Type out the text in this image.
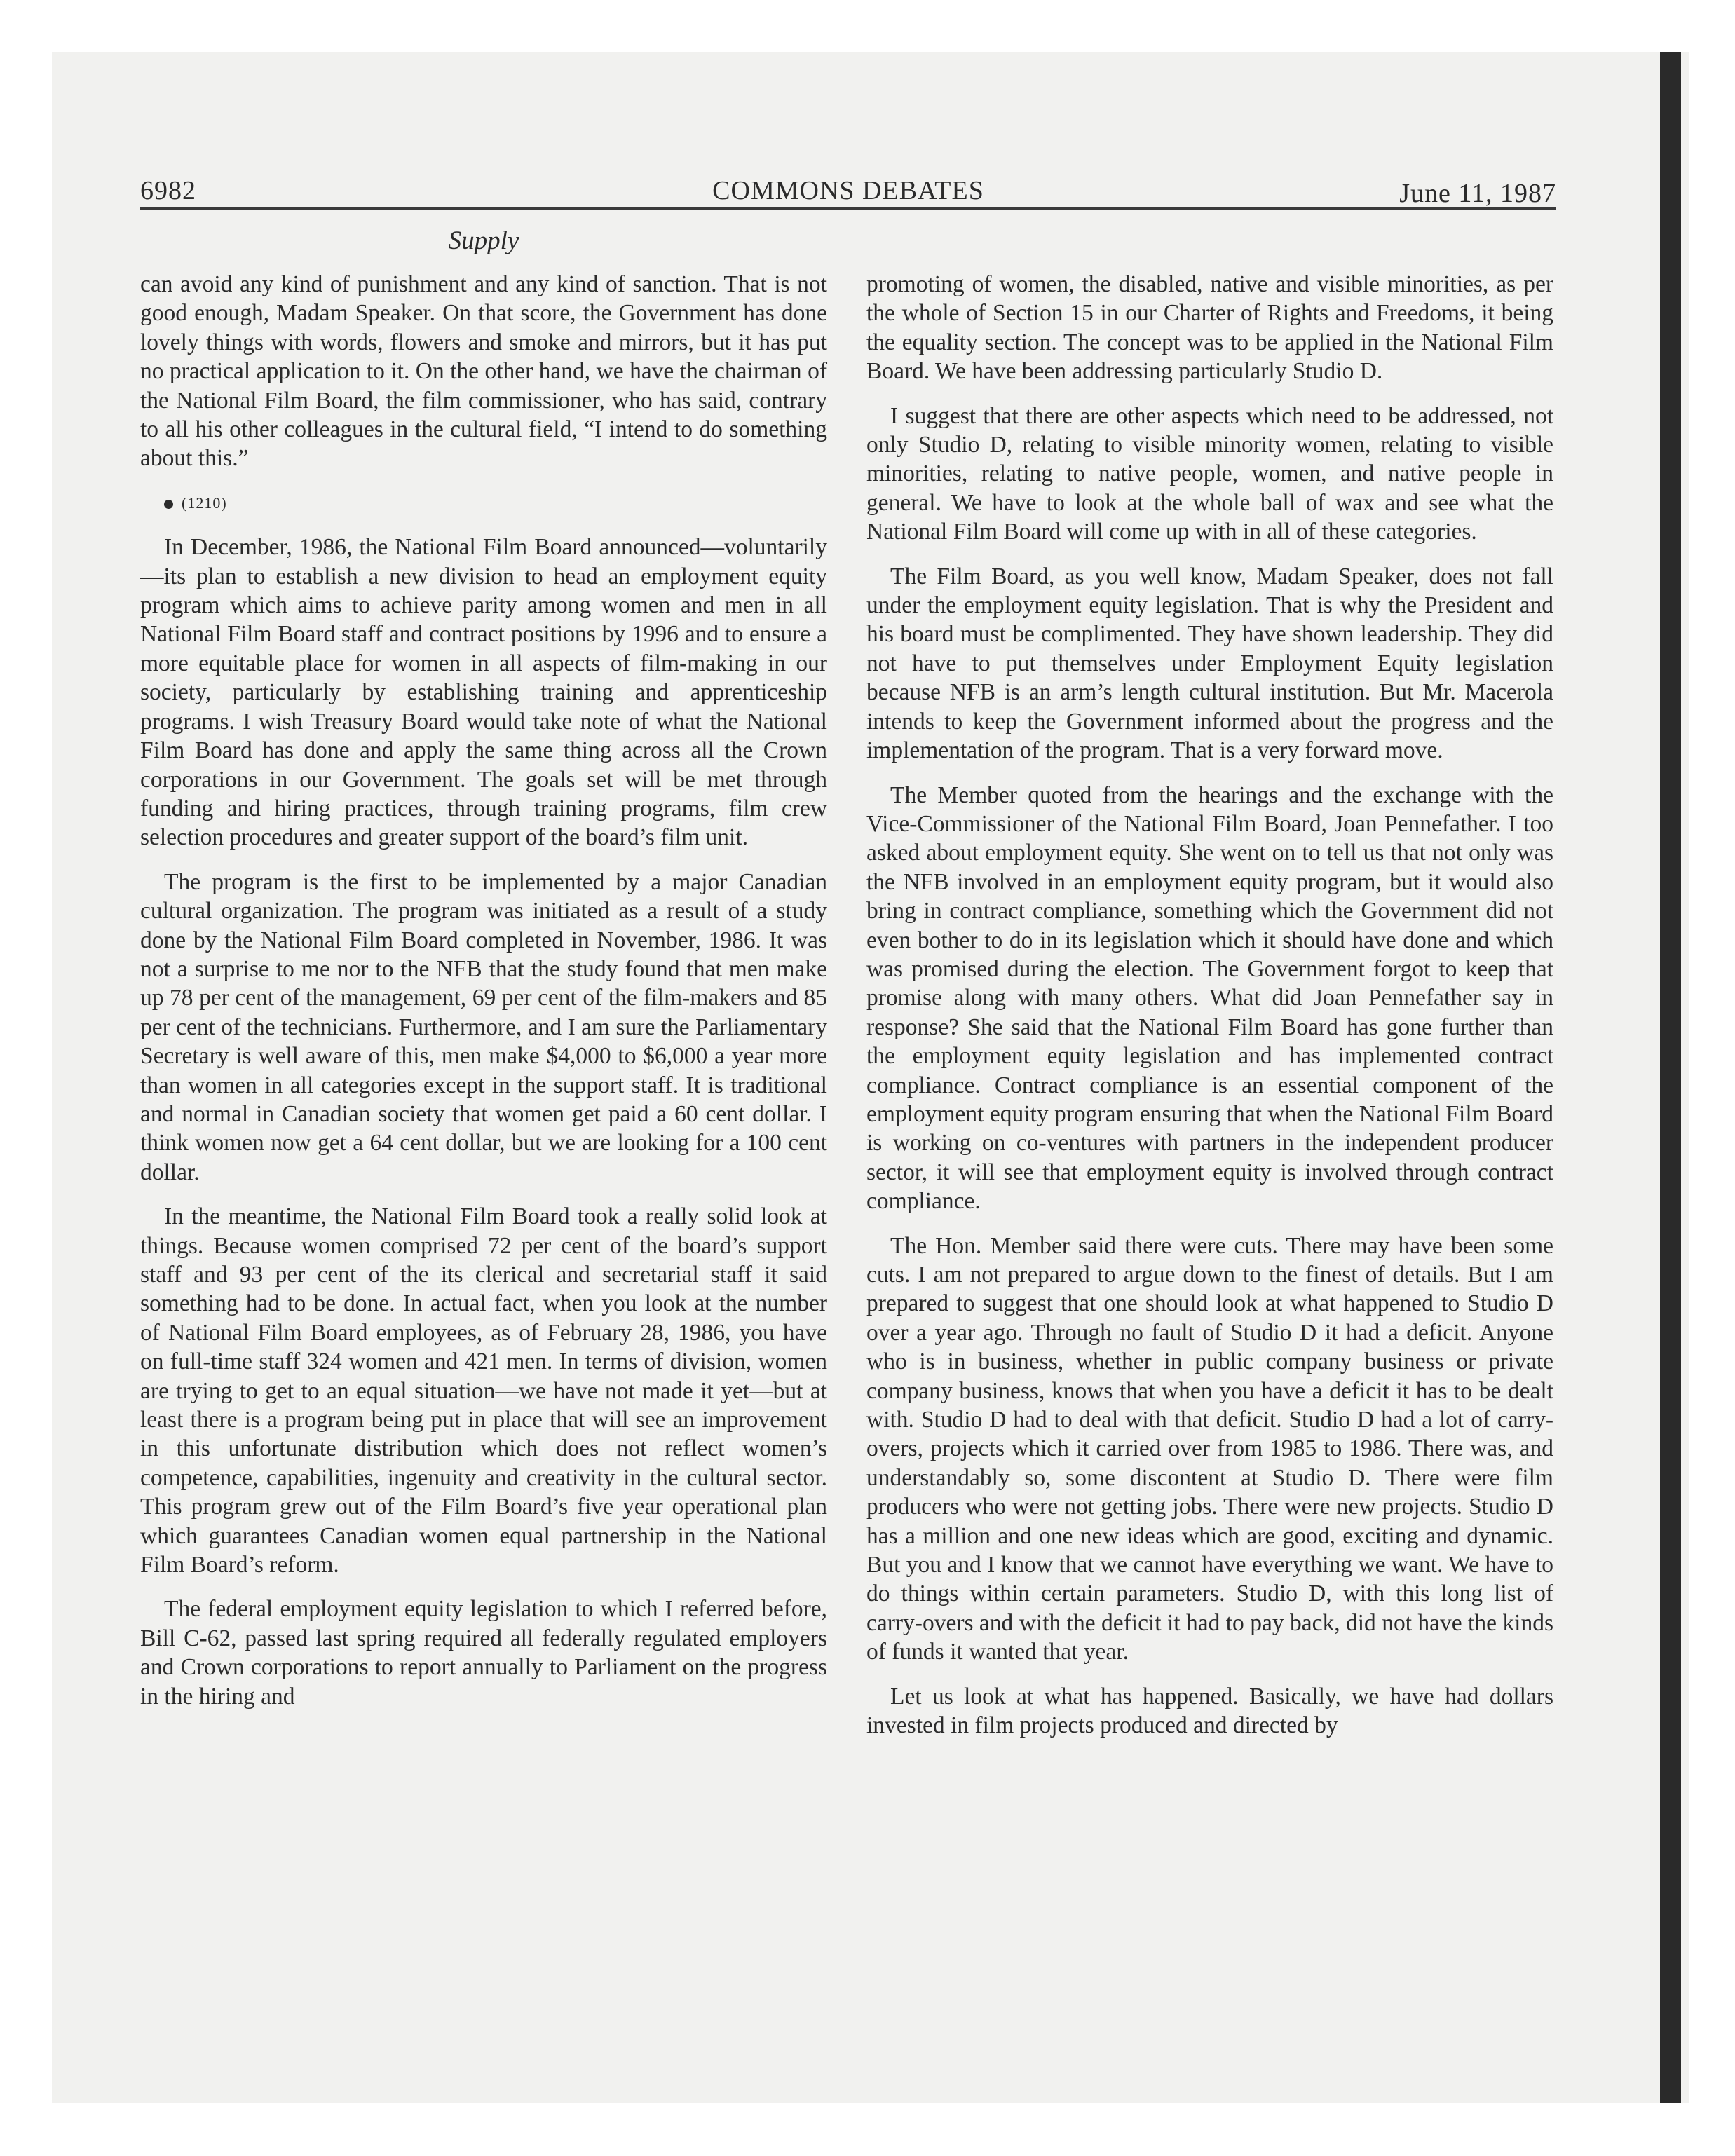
6982	COMMONS DEBATES	June 11, 1987
Supply

can avoid any kind of punishment and any kind of sanction. That is not good enough, Madam Speaker. On that score, the Government has done lovely things with words, flowers and smoke and mirrors, but it has put no practical application to it. On the other hand, we have the chairman of the National Film Board, the film commissioner, who has said, contrary to all his other colleagues in the cultural field, “I intend to do something about this.”

(1210)

In December, 1986, the National Film Board announced—voluntarily—its plan to establish a new division to head an employment equity program which aims to achieve parity among women and men in all National Film Board staff and contract positions by 1996 and to ensure a more equitable place for women in all aspects of film-making in our society, particularly by establishing training and apprenticeship programs. I wish Treasury Board would take note of what the National Film Board has done and apply the same thing across all the Crown corporations in our Government. The goals set will be met through funding and hiring practices, through training programs, film crew selection procedures and greater support of the board’s film unit.

The program is the first to be implemented by a major Canadian cultural organization. The program was initiated as a result of a study done by the National Film Board completed in November, 1986. It was not a surprise to me nor to the NFB that the study found that men make up 78 per cent of the management, 69 per cent of the film-makers and 85 per cent of the technicians. Furthermore, and I am sure the Parliamentary Secretary is well aware of this, men make $4,000 to $6,000 a year more than women in all categories except in the support staff. It is traditional and normal in Canadian society that women get paid a 60 cent dollar. I think women now get a 64 cent dollar, but we are looking for a 100 cent dollar.

In the meantime, the National Film Board took a really solid look at things. Because women comprised 72 per cent of the board’s support staff and 93 per cent of the its clerical and secretarial staff it said something had to be done. In actual fact, when you look at the number of National Film Board employees, as of February 28, 1986, you have on full-time staff 324 women and 421 men. In terms of division, women are trying to get to an equal situation—we have not made it yet—but at least there is a program being put in place that will see an improvement in this unfortunate distribution which does not reflect women’s competence, capabilities, ingenuity and creativity in the cultural sector. This program grew out of the Film Board’s five year operational plan which guarantees Canadian women equal partnership in the National Film Board’s reform.

The federal employment equity legislation to which I referred before, Bill C-62, passed last spring required all federally regulated employers and Crown corporations to report annually to Parliament on the progress in the hiring and

promoting of women, the disabled, native and visible minorities, as per the whole of Section 15 in our Charter of Rights and Freedoms, it being the equality section. The concept was to be applied in the National Film Board. We have been addressing particularly Studio D.

I suggest that there are other aspects which need to be addressed, not only Studio D, relating to visible minority women, relating to visible minorities, relating to native people, women, and native people in general. We have to look at the whole ball of wax and see what the National Film Board will come up with in all of these categories.

The Film Board, as you well know, Madam Speaker, does not fall under the employment equity legislation. That is why the President and his board must be complimented. They have shown leadership. They did not have to put themselves under Employment Equity legislation because NFB is an arm’s length cultural institution. But Mr. Macerola intends to keep the Government informed about the progress and the implementation of the program. That is a very forward move.

The Member quoted from the hearings and the exchange with the Vice-Commissioner of the National Film Board, Joan Pennefather. I too asked about employment equity. She went on to tell us that not only was the NFB involved in an employment equity program, but it would also bring in contract compliance, something which the Government did not even bother to do in its legislation which it should have done and which was promised during the election. The Government forgot to keep that promise along with many others. What did Joan Pennefather say in response? She said that the National Film Board has gone further than the employment equity legislation and has implemented contract compliance. Contract compliance is an essential component of the employment equity program ensuring that when the National Film Board is working on co-ventures with partners in the independent producer sector, it will see that employment equity is involved through contract compliance.

The Hon. Member said there were cuts. There may have been some cuts. I am not prepared to argue down to the finest of details. But I am prepared to suggest that one should look at what happened to Studio D over a year ago. Through no fault of Studio D it had a deficit. Anyone who is in business, whether in public company business or private company business, knows that when you have a deficit it has to be dealt with. Studio D had to deal with that deficit. Studio D had a lot of carry-overs, projects which it carried over from 1985 to 1986. There was, and understandably so, some discontent at Studio D. There were film producers who were not getting jobs. There were new projects. Studio D has a million and one new ideas which are good, exciting and dynamic. But you and I know that we cannot have everything we want. We have to do things within certain parameters. Studio D, with this long list of carry-overs and with the deficit it had to pay back, did not have the kinds of funds it wanted that year.

Let us look at what has happened. Basically, we have had dollars invested in film projects produced and directed by
